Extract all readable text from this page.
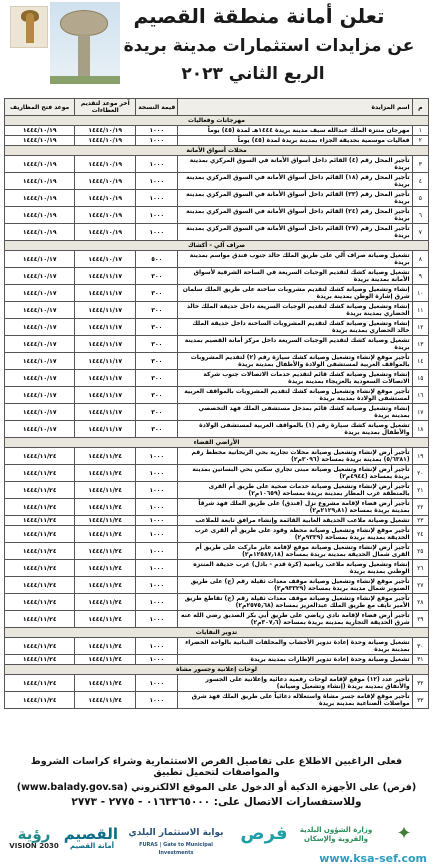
تعلن أمانة منطقة القصيم
عن مزايدات استثمارات مدينة بريدة
الربع الثاني ٢٠٢٣
م	اسم المزايدة	قيمة النسخة	آخر موعد لتقديم العطاءات	موعد فتح المظاريف
مهرجانات وفعاليات				
١	مهرجان منتزه الملك عبدالله سيف مدينة بريدة ١٤٤٤هـ لمدة (٤٥) يوماً	١٠٠٠	١٤٤٤/١٠/١٩	١٤٤٤/١٠/١٩
٢	فعاليات موسمية بحديقة الجزاء بمدينة بريدة لمدة (٤٥) يوماً	١٠٠٠	١٤٤٤/١٠/١٩	١٤٤٤/١٠/١٩
محلات أسواق الأمانة				
٣	تأجير المحل رقم (٤) القائم داخل أسواق الأمانة في السوق المركزي بمدينة بريدة	١٠٠٠	١٤٤٤/١٠/١٩	١٤٤٤/١٠/١٩
٤	تأجير المحل رقم (١٨) القائم داخل أسواق الأمانة في السوق المركزي بمدينة بريدة	١٠٠٠	١٤٤٤/١٠/١٩	١٤٤٤/١٠/١٩
٥	تأجير المحل رقم (٣٣) القائم داخل أسواق الأمانة في السوق المركزي بمدينة بريدة	١٠٠٠	١٤٤٤/١٠/١٩	١٤٤٤/١٠/١٩
٦	تأجير المحل رقم (٢٤) القائم داخل أسواق الأمانة في السوق المركزي بمدينة بريدة	١٠٠٠	١٤٤٤/١٠/١٩	١٤٤٤/١٠/١٩
٧	تأجير المحل رقم (٢٧) القائم داخل أسواق الأمانة في السوق المركزي بمدينة بريدة	١٠٠٠	١٤٤٤/١٠/١٩	١٤٤٤/١٠/١٩
صراف آلي - أكشاك				
٨	تشغيل وصيانة صراف آلي على طريق الملك خالد جنوب فندق مواسم بمدينة بريدة	٥٠٠	١٤٤٤/١٠/١٧	١٤٤٤/١٠/١٧
٩	تشغيل وصيانة كشك لتقديم الوجبات السريعة في الساحة الشرقية لأسواق الأمانة بمدينة بريدة	٣٠٠	١٤٤٤/١١/١٧	١٤٤٤/١٠/١٧
١٠	إنشاء وتشغيل وصيانة كشك لتقديم مشروبات ساخنة على طريق الملك سلمان شرق إشارة الوطن بمدينة بريدة	٣٠٠	١٤٤٤/١١/١٧	١٤٤٤/١٠/١٧
١١	إنشاء وتشغيل وصيانة كشك لتقديم الوجبات السريعة داخل حديقة الملك خالد الحضاري بمدينة بريدة	٣٠٠	١٤٤٤/١١/١٧	١٤٤٤/١٠/١٧
١٢	إنشاء وتشغيل وصيانة كشك لتقديم المشروبات الساخنة داخل حديقة الملك خالد الحضاري بمدينة بريدة	٣٠٠	١٤٤٤/١١/١٧	١٤٤٤/١٠/١٧
١٣	تشغيل وصيانة كشك لتقديم الوجبات السريعة داخل مركز أمانة القصيم بمدينة بريدة	٣٠٠	١٤٤٤/١١/١٧	١٤٤٤/١٠/١٧
١٤	تأجير موقع لإنشاء وتشغيل وصيانة كشك سيارة رقم (٢) لتقديم المشروبات بالمواقف الغربية لمستشفى الولادة والأطفال بمدينة بريدة	٣٠٠	١٤٤٤/١١/١٧	١٤٤٤/١٠/١٧
١٥	إنشاء وتشغيل وصيانة كشك قائم لتقديم خدمات الاتصالات جنوب شركة الاتصالات السعودية بالعريجاء بمدينة بريدة	٣٠٠	١٤٤٤/١١/١٧	١٤٤٤/١٠/١٧
١٦	تأجير موقع لإنشاء وتشغيل وصيانة كشك لتقديم المشروبات بالمواقف الغربية لمستشفى الولادة بمدينة بريدة	٣٠٠	١٤٤٤/١١/١٧	١٤٤٤/١٠/١٧
١٧	إنشاء وتشغيل وصيانة كشك قائم بمدخل مستشفى الملك فهد التخصصي بمدينة بريدة	٣٠٠	١٤٤٤/١١/١٧	١٤٤٤/١٠/١٧
١٨	تشغيل وصيانة كشك سيارة رقم (١) بالمواقف الغربية لمستشفى الولادة والأطفال بمدينة بريدة	٣٠٠	١٤٤٤/١١/١٧	١٤٤٤/١٠/١٧
الأراضي الفضاء				
١٩	تأجير أرض لإنشاء وتشغيل وصيانة محلات تجارية بحي الريحانية مخطط رقم (٥/٦٣٨١) بمدينة بريدة بمساحة (٣٠٩٦م٢)	١٠٠٠	١٤٤٤/١١/٢٤	١٤٤٤/١١/٢٤
٢٠	تأجير أرض لإنشاء وتشغيل وصيانة مبنى تجاري سكني بحي البساتين بمدينة بريدة بمساحة (٤٩٤٤م٢)	١٠٠٠	١٤٤٤/١١/٢٤	١٤٤٤/١١/٢٤
٢١	تأجير أرض لإنشاء وتشغيل وصيانة خدمات صحية على طريق أم القرى بالمنطقة غرب المطار بمدينة بريدة بمساحة (١٠٦٥٩م٢)	١٠٠٠	١٤٤٤/١١/٢٤	١٤٤٤/١١/٢٤
٢٢	تأجير أرض فضاء لإقامة مشروع نزل (فندق) على طريق الملك فهد شرقاً بمدينة بريدة بمساحة (٢١٢٩٫٨١م٢)	١٠٠٠	١٤٤٤/١١/٢٤	١٤٤٤/١١/٢٤
٢٣	تشغيل وصيانة ملاعب الحديقة الغابية القائمة وإنشاء مرافق تابعة للملاعب	١٠٠٠	١٤٤٤/١١/٢٤	١٤٤٤/١١/٢٤
٢٤	تأجير موقع لإنشاء وتشغيل وصيانة محطة وقود على طريق أم القرى غرب الحديقة بمدينة بريدة بمساحة (٩٣٣٩م٢)	١٠٠٠	١٤٤٤/١١/٢٤	١٤٤٤/١١/٢٤
٢٥	تأجير أرض لإنشاء وتشغيل وصيانة موقع لإقامة عاير ماركت على طريق أم القرى شمال الحديقة بمدينة بريدة بمساحة (١٢٥٨٧٫١٨م٢)	١٠٠٠	١٤٤٤/١١/٢٤	١٤٤٤/١١/٢٤
٢٦	إنشاء وتشغيل وصيانة ملاعب رياضية (كرة قدم - بادل) غرب حديقة المنتزه الوطني بمدينة بريدة	١٠٠٠	١٤٤٤/١١/٢٤	١٤٤٤/١١/٢٤
٢٧	تأجير موقع لإنشاء وتشغيل وصيانة موقف معدات ثقيلة رقم (ج) على طريق الصنوبر شمال مدينة بريدة بمساحة (٩٣٣٢٩م٢)	١٠٠٠	١٤٤٤/١١/٢٤	١٤٤٤/١١/٢٤
٢٨	تأجير موقع لإنشاء وتشغيل وصيانة موقف معدات ثقيلة رقم (ج) تقاطع طريق الأمير نايف مع طريق الملك عبدالعزيز بمساحة (٢٥٧٥٫٦٨م٢)	١٠٠٠	١٤٤٤/١١/٢٤	١٤٤٤/١١/٢٤
٢٩	تأجير أرض فضاء لإقامة نادي رياضي على طريق أبي بكر الصديق رضي الله عنه شرق الحديقة التجارية بمدينة بريدة بمساحة (٣٠٧٫٦م٢)	١٠٠٠	١٤٤٤/١١/٢٤	١٤٤٤/١١/٢٤
تدوير النفايات				
٣٠	تشغيل وصيانة وحدة إعادة تدوير الأخشاب والمخلفات النباتية بالواحة الخضراء بمدينة بريدة	١٠٠٠	١٤٤٤/١١/٢٤	١٤٤٤/١١/٢٤
٣١	تشغيل وصيانة وحدة إعادة تدوير الإطارات بمدينة بريدة	١٠٠٠	١٤٤٤/١١/٢٤	١٤٤٤/١١/٢٤
لوحات إعلانية وجسور مشاة				
٣٢	تأجير عدد (١٢) موقع لإقامة لوحات رقمية دعائية وإعلانية على الجسور والأنفاق بمدينة بريدة (إنشاء وتشغيل وصيانة)	١٠٠٠	١٤٤٤/١١/٢٤	١٤٤٤/١١/٢٤
٣٣	تأجير موقع لإقامة جسر مشاة واستغلاله دعائياً على طريق الملك فهد شرق مواصلات الصناعية بمدينة بريدة	١٠٠٠	١٤٤٤/١١/٢٤	١٤٤٤/١١/٢٤
فعلى الراغبين الاطلاع على تفاصيل الفرص الاستثمارية وشراء كراسات الشروط والمواصفات لتحميل تطبيق
(فرص) على الأجهزة الذكية أو الدخول على الموقع الالكتروني (www.balady.gov.sa)
وللاستفسارات الاتصال على: ٠١٦٣٣٦٥٠٠٠ - ٢٧٧٥ - ٢٧٧٣
رؤية
VISION 2030
القصيم
أمانة القصيم
بوابة الاستثمار البلدي
FURAS | Gate to Municipal Investments
فرص	وزارة الشؤون البلدية والقروية والإسكان	✦
www.ksa-sef.com
